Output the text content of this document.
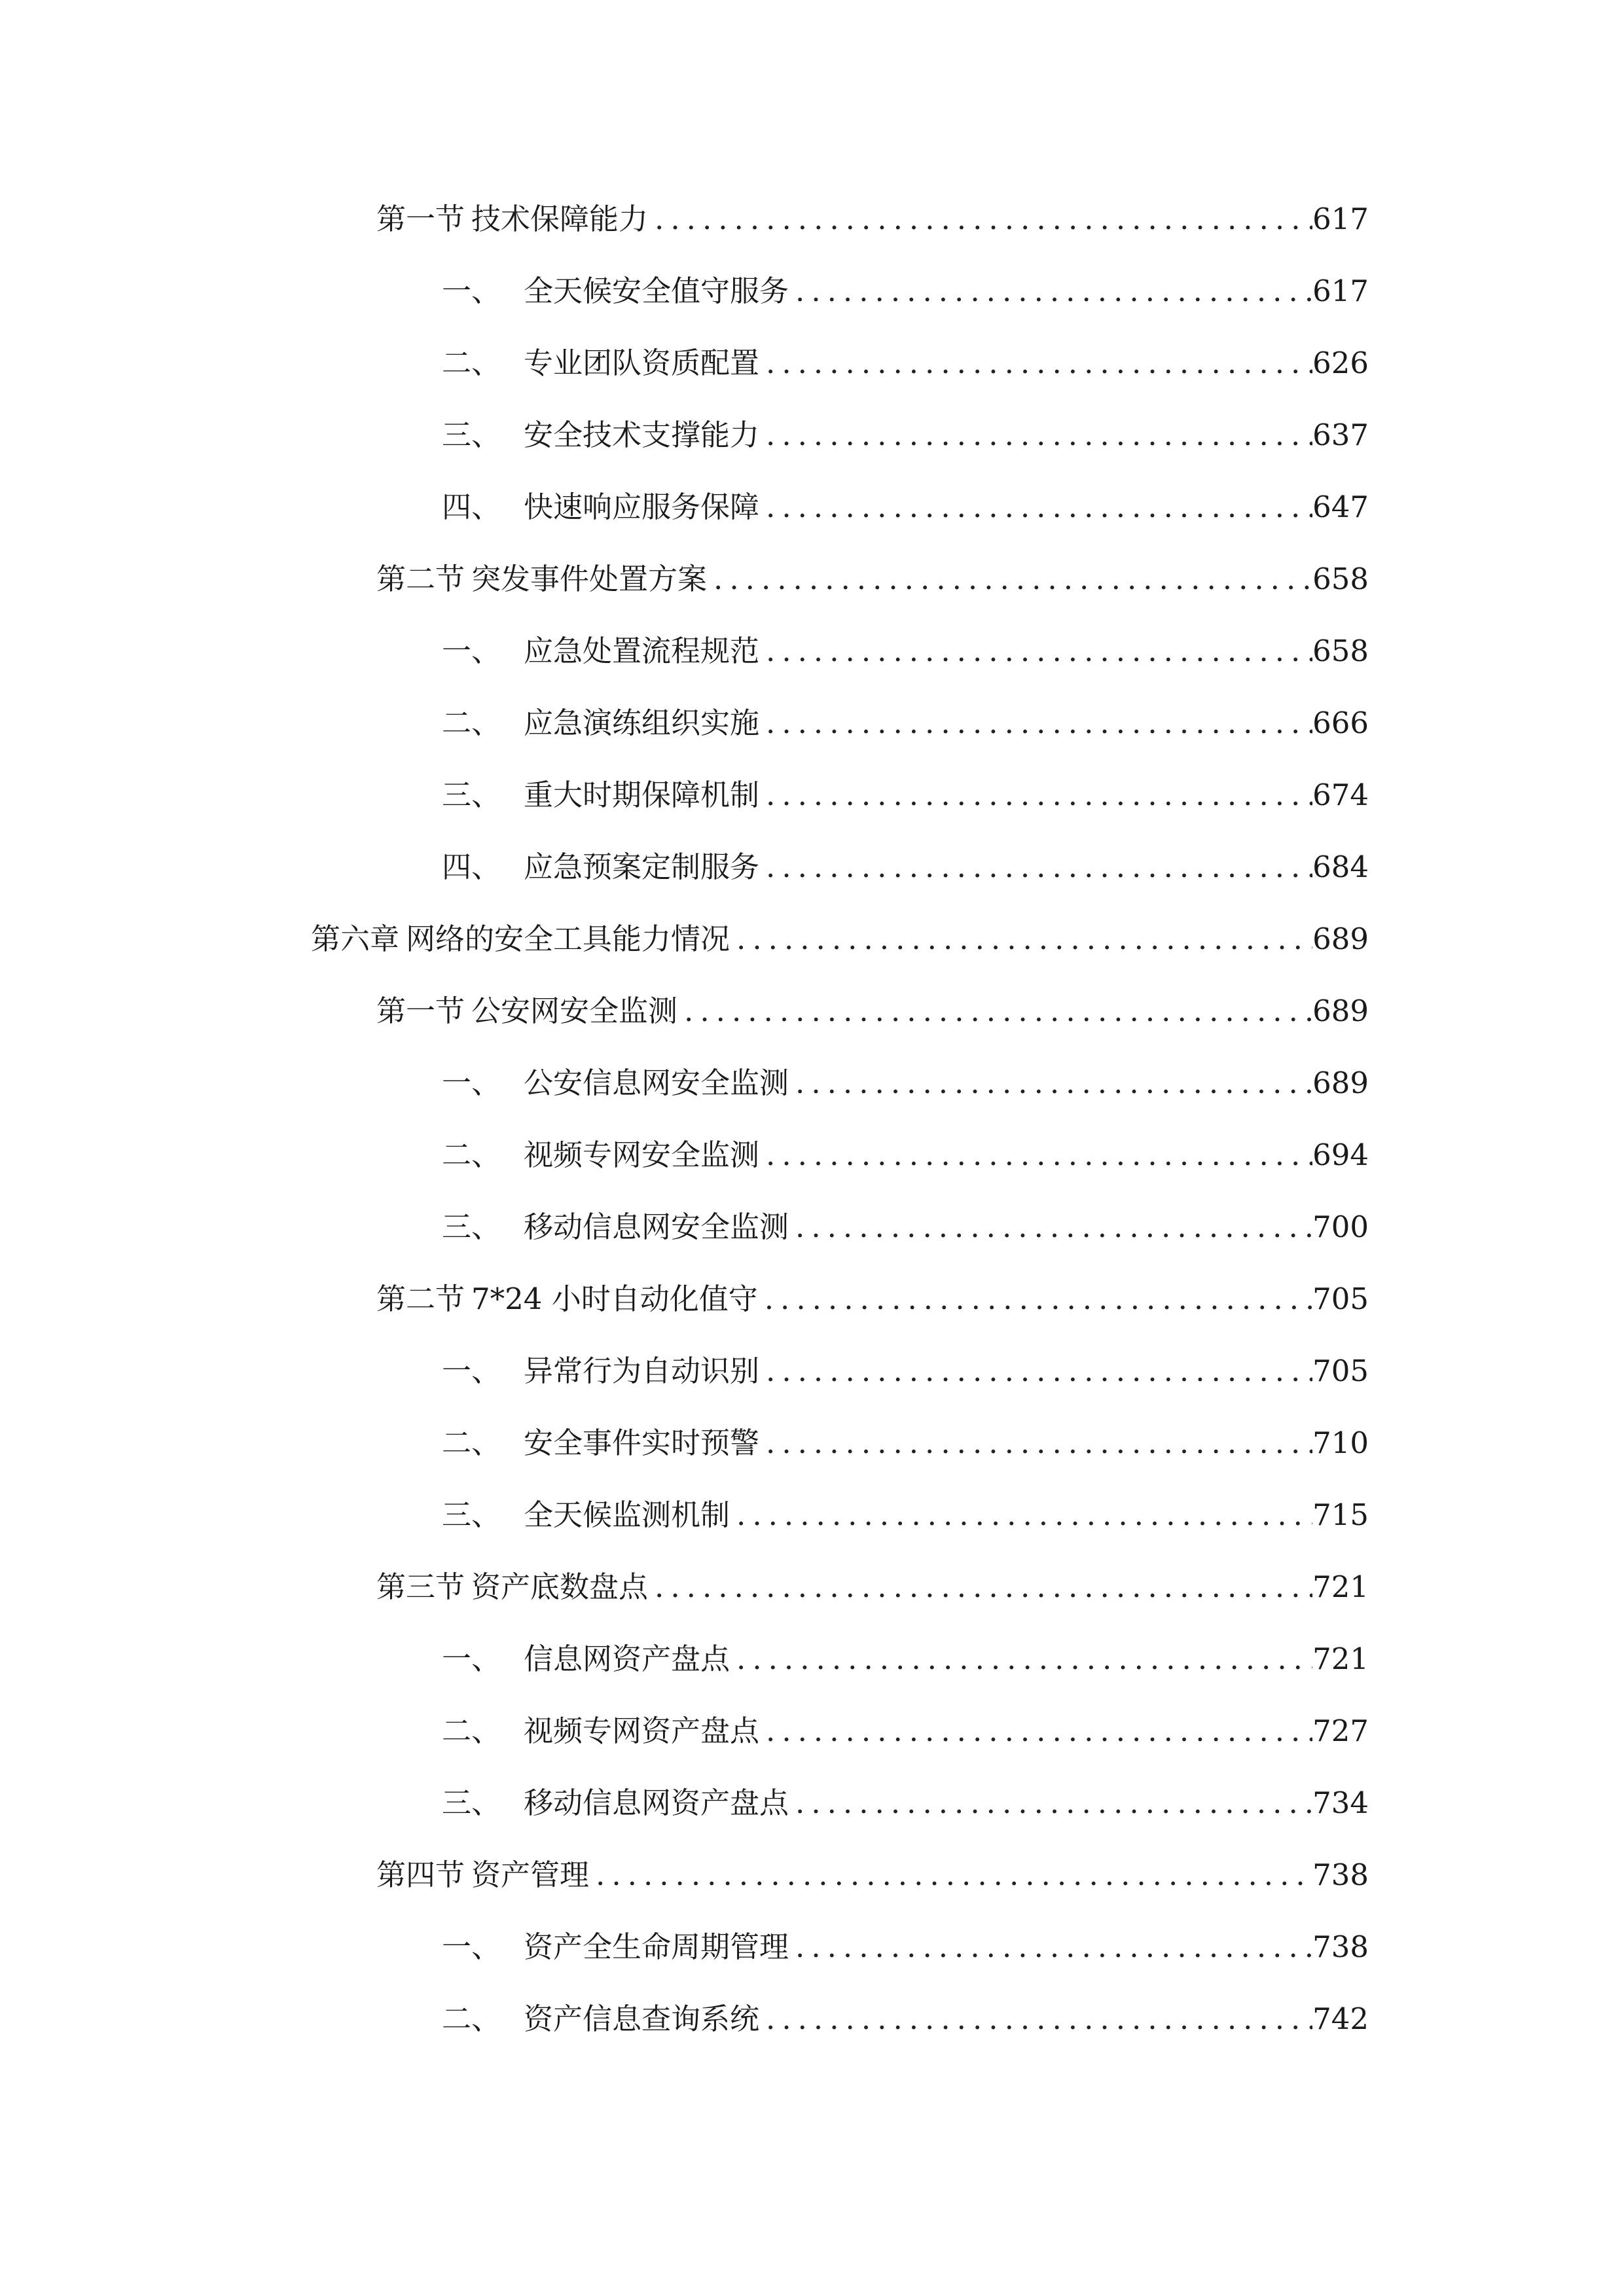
第一节 技术保障能力 .....	617
一、 全天候安全值守服务 .....	617
二、 专业团队资质配置 .....	626
三、 安全技术支撑能力 .....	637
四、 快速响应服务保障 .....	647
第二节 突发事件处置方案 .....	658
一、 应急处置流程规范 .....	658
二、 应急演练组织实施 .....	666
三、 重大时期保障机制 .....	674
四、 应急预案定制服务 .....	684
第六章 网络的安全工具能力情况 .....	689
第一节 公安网安全监测 .....	689
一、 公安信息网安全监测 .....	689
二、 视频专网安全监测 .....	694
三、 移动信息网安全监测 .....	700
第二节 7*24 小时自动化值守 .....	705
一、 异常行为自动识别 .....	705
二、 安全事件实时预警 .....	710
三、 全天候监测机制 .....	715
第三节 资产底数盘点 .....	721
一、 信息网资产盘点 .....	721
二、 视频专网资产盘点 .....	727
三、 移动信息网资产盘点 .....	734
第四节 资产管理 .....	738
一、 资产全生命周期管理 .....	738
二、 资产信息查询系统 .....	742
